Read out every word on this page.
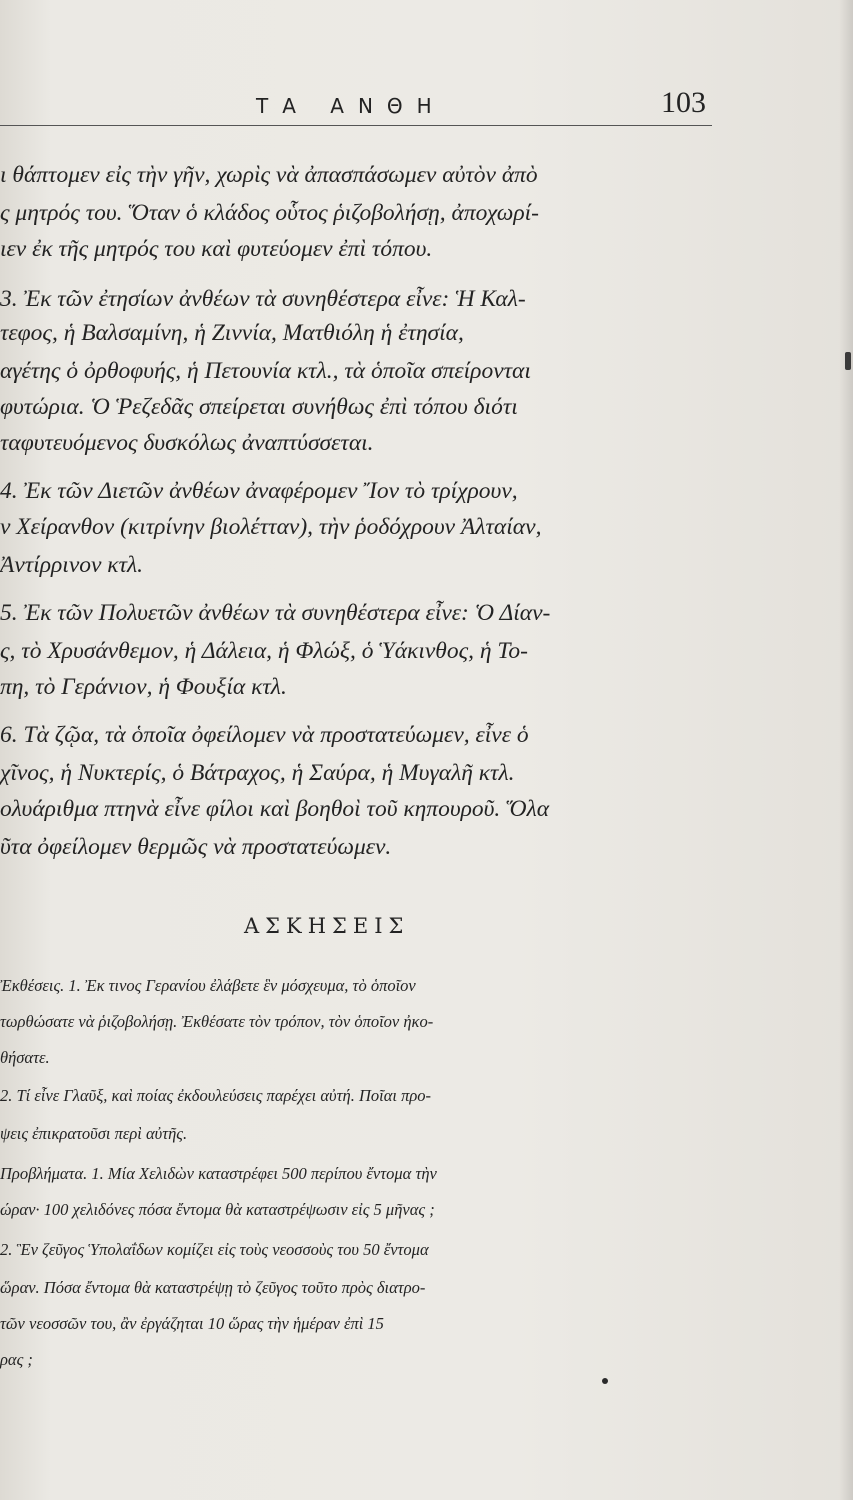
ΤΑ ΑΝΘΗ	103
ι θάπτομεν εἰς τὴν γῆν, χωρὶς νὰ ἀπασπάσωμεν αὐτὸν ἀπὸ
ς μητρός του. Ὅταν ὁ κλάδος οὗτος ῥιζοβολήσῃ, ἀποχωρί-
ιεν ἐκ τῆς μητρός του καὶ φυτεύομεν ἐπὶ τόπου.
3. Ἐκ τῶν ἐτησίων ἀνθέων τὰ συνηθέστερα εἶνε: Ἡ Καλ-
τεφος, ἡ Βαλσαμίνη, ἡ Ζιννία, Ματθιόλη ἡ ἐτησία,
αγέτης ὁ ὀρθοφυής, ἡ Πετουνία κτλ., τὰ ὁποῖα σπείρονται
φυτώρια. Ὁ Ῥεζεδᾶς σπείρεται συνήθως ἐπὶ τόπου διότι
ταφυτευόμενος δυσκόλως ἀναπτύσσεται.
4. Ἐκ τῶν Διετῶν ἀνθέων ἀναφέρομεν Ἴον τὸ τρίχρουν,
ν Χείρανθον (κιτρίνην βιολέτταν), τὴν ῥοδόχρουν Ἀλταίαν,
Ἀντίρρινον κτλ.
5. Ἐκ τῶν Πολυετῶν ἀνθέων τὰ συνηθέστερα εἶνε: Ὁ Δίαν-
ς, τὸ Χρυσάνθεμον, ἡ Δάλεια, ἡ Φλώξ, ὁ Ὑάκινθος, ἡ Το-
πη, τὸ Γεράνιον, ἡ Φουξία κτλ.
6. Τὰ ζῷα, τὰ ὁποῖα ὀφείλομεν νὰ προστατεύωμεν, εἶνε ὁ
χῖνος, ἡ Νυκτερίς, ὁ Βάτραχος, ἡ Σαύρα, ἡ Μυγαλῆ κτλ.
ολυάριθμα πτηνὰ εἶνε φίλοι καὶ βοηθοὶ τοῦ κηπουροῦ. Ὅλα
ῦτα ὀφείλομεν θερμῶς νὰ προστατεύωμεν.
ΑΣΚΗΣΕΙΣ
Ἐκθέσεις. 1. Ἐκ τινος Γερανίου ἐλάβετε ἓν μόσχευμα, τὸ ὁποῖον
τωρθώσατε νὰ ῥιζοβολήσῃ. Ἐκθέσατε τὸν τρόπον, τὸν ὁποῖον ἠκο-
θήσατε.
2. Τί εἶνε Γλαῦξ, καὶ ποίας ἐκδουλεύσεις παρέχει αὐτή. Ποῖαι προ-
ψεις ἐπικρατοῦσι περὶ αὐτῆς.
Προβλήματα. 1. Μία Χελιδὼν καταστρέφει 500 περίπου ἔντομα τὴν
ώραν· 100 χελιδόνες πόσα ἔντομα θὰ καταστρέψωσιν εἰς 5 μῆνας ;
2. Ἓν ζεῦγος Ὑπολαΐδων κομίζει εἰς τοὺς νεοσσοὺς του 50 ἔντομα
ὥραν. Πόσα ἔντομα θὰ καταστρέψῃ τὸ ζεῦγος τοῦτο πρὸς διατρο-
τῶν νεοσσῶν του, ἂν ἐργάζηται 10 ὥρας τὴν ἡμέραν ἐπὶ 15
ρας ;
